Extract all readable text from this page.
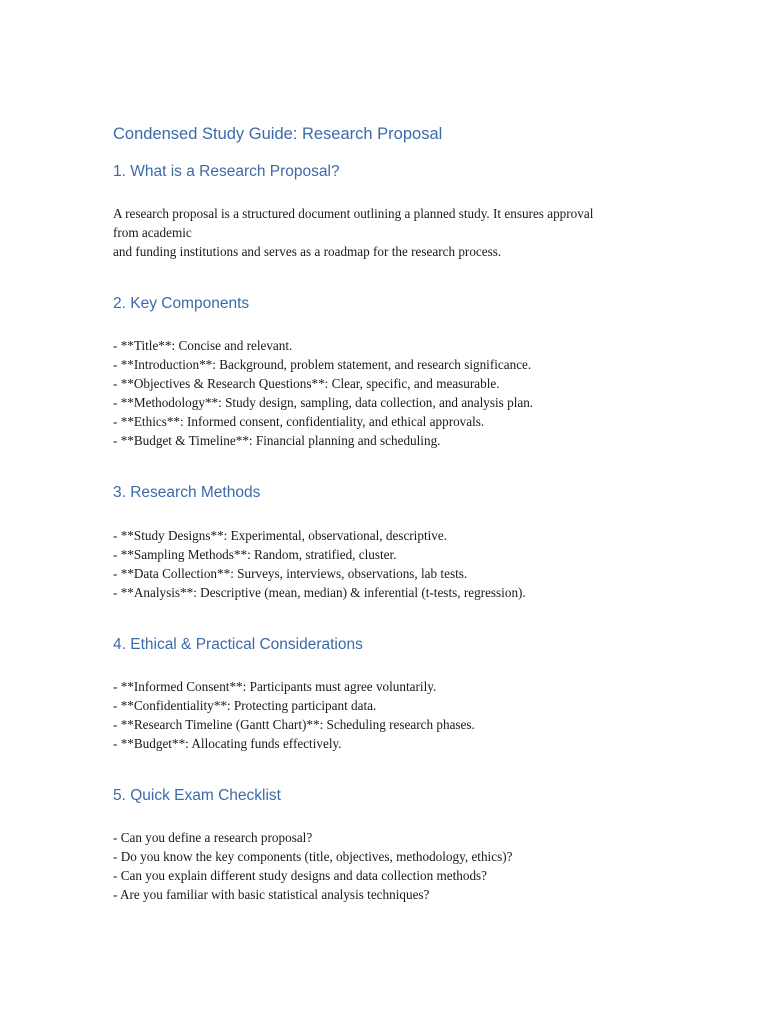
Condensed Study Guide: Research Proposal
1. What is a Research Proposal?
A research proposal is a structured document outlining a planned study. It ensures approval
from academic
and funding institutions and serves as a roadmap for the research process.
2. Key Components
- **Title**: Concise and relevant.
- **Introduction**: Background, problem statement, and research significance.
- **Objectives & Research Questions**: Clear, specific, and measurable.
- **Methodology**: Study design, sampling, data collection, and analysis plan.
- **Ethics**: Informed consent, confidentiality, and ethical approvals.
- **Budget & Timeline**: Financial planning and scheduling.
3. Research Methods
- **Study Designs**: Experimental, observational, descriptive.
- **Sampling Methods**: Random, stratified, cluster.
- **Data Collection**: Surveys, interviews, observations, lab tests.
- **Analysis**: Descriptive (mean, median) & inferential (t-tests, regression).
4. Ethical & Practical Considerations
- **Informed Consent**: Participants must agree voluntarily.
- **Confidentiality**: Protecting participant data.
- **Research Timeline (Gantt Chart)**: Scheduling research phases.
- **Budget**: Allocating funds effectively.
5. Quick Exam Checklist
- Can you define a research proposal?
- Do you know the key components (title, objectives, methodology, ethics)?
- Can you explain different study designs and data collection methods?
- Are you familiar with basic statistical analysis techniques?
